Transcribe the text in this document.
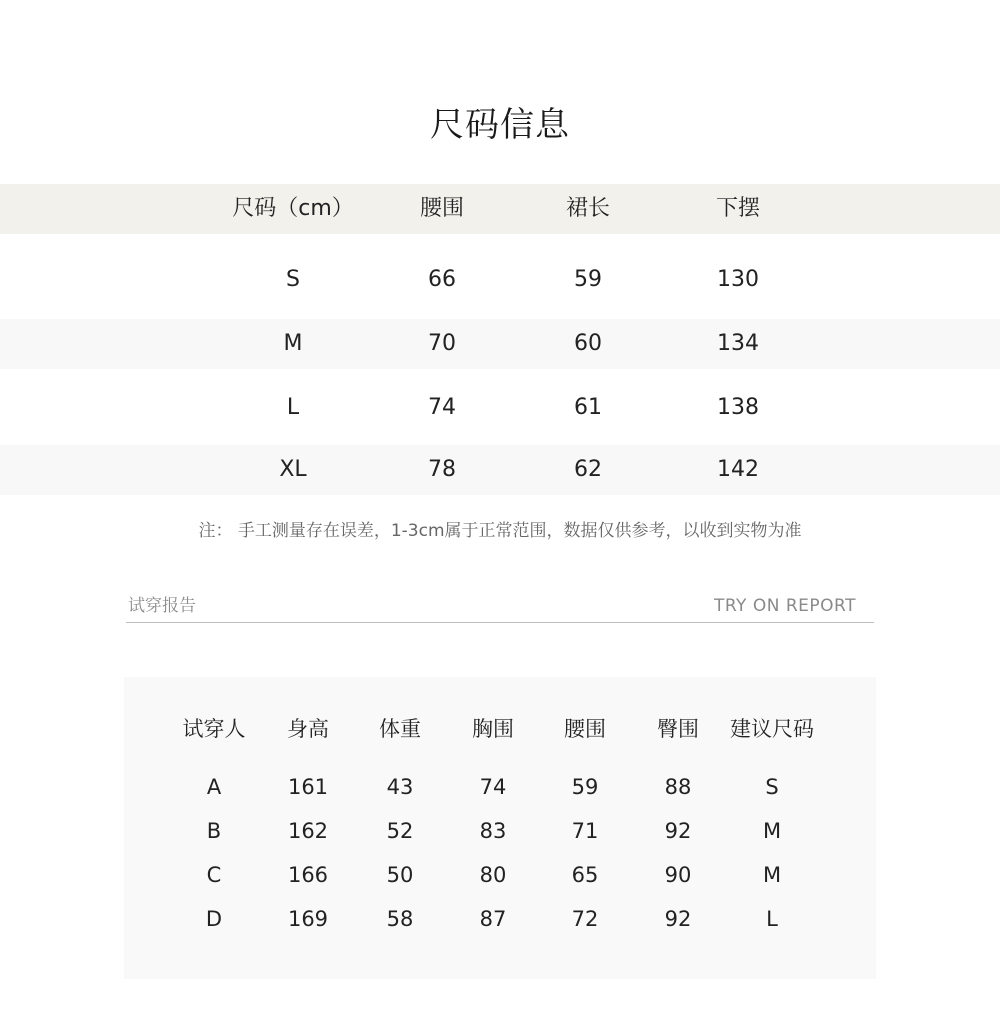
尺码信息
尺码（cm）	腰围	裙长	下摆
S	66	59	130
M	70	60	134
L	74	61	138
XL	78	62	142
注： 手工测量存在误差，1-3cm属于正常范围，数据仅供参考，以收到实物为准
试穿报告	TRY ON REPORT
试穿人	身高	体重	胸围	腰围	臀围	建议尺码
A	161	43	74	59	88	S
B	162	52	83	71	92	M
C	166	50	80	65	90	M
D	169	58	87	72	92	L
